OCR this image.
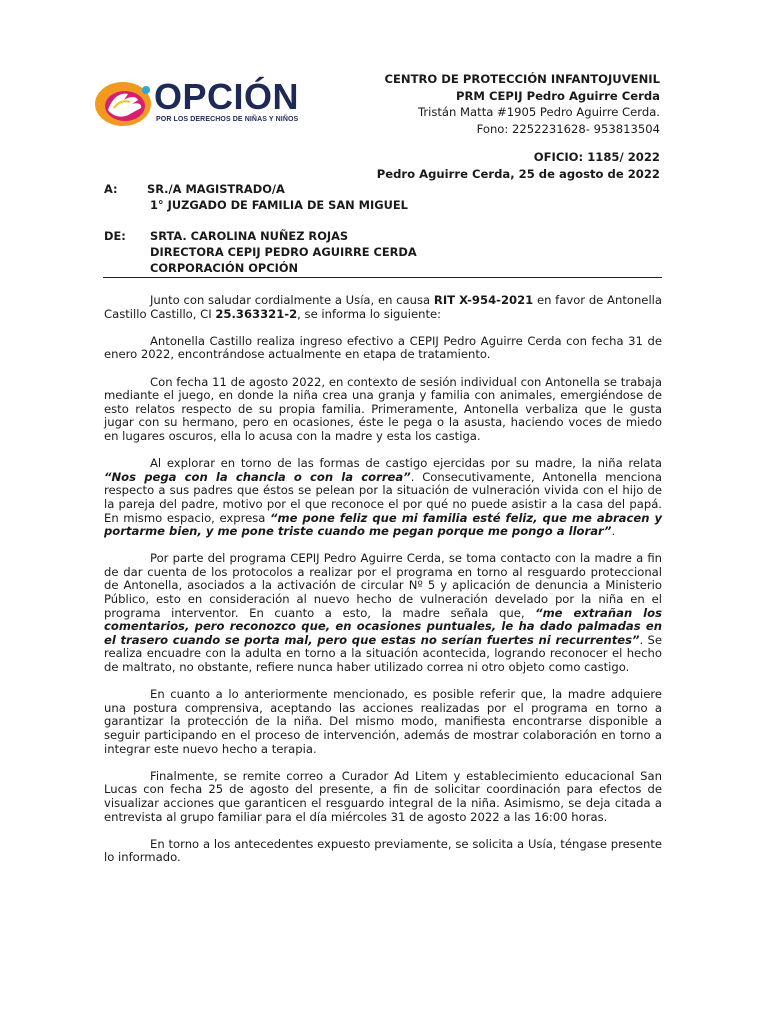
OPCIÓN
POR LOS DERECHOS DE NIÑAS Y NIÑOS
CENTRO DE PROTECCIÓN INFANTOJUVENIL
PRM CEPIJ Pedro Aguirre Cerda
Tristán Matta #1905 Pedro Aguirre Cerda.
Fono: 2252231628- 953813504
OFICIO: 1185/ 2022
Pedro Aguirre Cerda, 25 de agosto de 2022
A:	SR./A MAGISTRADO/A
1° JUZGADO DE FAMILIA DE SAN MIGUEL
DE: SRTA. CAROLINA NUÑEZ ROJAS
DIRECTORA CEPIJ PEDRO AGUIRRE CERDA
CORPORACIÓN OPCIÓN

Junto con saludar cordialmente a Usía, en causa RIT X-954-2021 en favor de Antonella Castillo Castillo, CI 25.363321-2, se informa lo siguiente:

Antonella Castillo realiza ingreso efectivo a CEPIJ Pedro Aguirre Cerda con fecha 31 de enero 2022, encontrándose actualmente en etapa de tratamiento.

Con fecha 11 de agosto 2022, en contexto de sesión individual con Antonella se trabaja mediante el juego, en donde la niña crea una granja y familia con animales, emergiéndose de esto relatos respecto de su propia familia. Primeramente, Antonella verbaliza que le gusta jugar con su hermano, pero en ocasiones, éste le pega o la asusta, haciendo voces de miedo en lugares oscuros, ella lo acusa con la madre y esta los castiga.

Al explorar en torno de las formas de castigo ejercidas por su madre, la niña relata “Nos pega con la chancla o con la correa”. Consecutivamente, Antonella menciona respecto a sus padres que éstos se pelean por la situación de vulneración vivida con el hijo de la pareja del padre, motivo por el que reconoce el por qué no puede asistir a la casa del papá. En mismo espacio, expresa “me pone feliz que mi familia esté feliz, que me abracen y portarme bien, y me pone triste cuando me pegan porque me pongo a llorar”.

Por parte del programa CEPIJ Pedro Aguirre Cerda, se toma contacto con la madre a fin de dar cuenta de los protocolos a realizar por el programa en torno al resguardo proteccional de Antonella, asociados a la activación de circular Nº 5 y aplicación de denuncia a Ministerio Público, esto en consideración al nuevo hecho de vulneración develado por la niña en el programa interventor. En cuanto a esto, la madre señala que, “me extrañan los comentarios, pero reconozco que, en ocasiones puntuales, le ha dado palmadas en el trasero cuando se porta mal, pero que estas no serían fuertes ni recurrentes”. Se realiza encuadre con la adulta en torno a la situación acontecida, logrando reconocer el hecho de maltrato, no obstante, refiere nunca haber utilizado correa ni otro objeto como castigo.

En cuanto a lo anteriormente mencionado, es posible referir que, la madre adquiere una postura comprensiva, aceptando las acciones realizadas por el programa en torno a garantizar la protección de la niña. Del mismo modo, manifiesta encontrarse disponible a seguir participando en el proceso de intervención, además de mostrar colaboración en torno a integrar este nuevo hecho a terapia.

Finalmente, se remite correo a Curador Ad Litem y establecimiento educacional San Lucas con fecha 25 de agosto del presente, a fin de solicitar coordinación para efectos de visualizar acciones que garanticen el resguardo integral de la niña. Asimismo, se deja citada a entrevista al grupo familiar para el día miércoles 31 de agosto 2022 a las 16:00 horas.

En torno a los antecedentes expuesto previamente, se solicita a Usía, téngase presente lo informado.
